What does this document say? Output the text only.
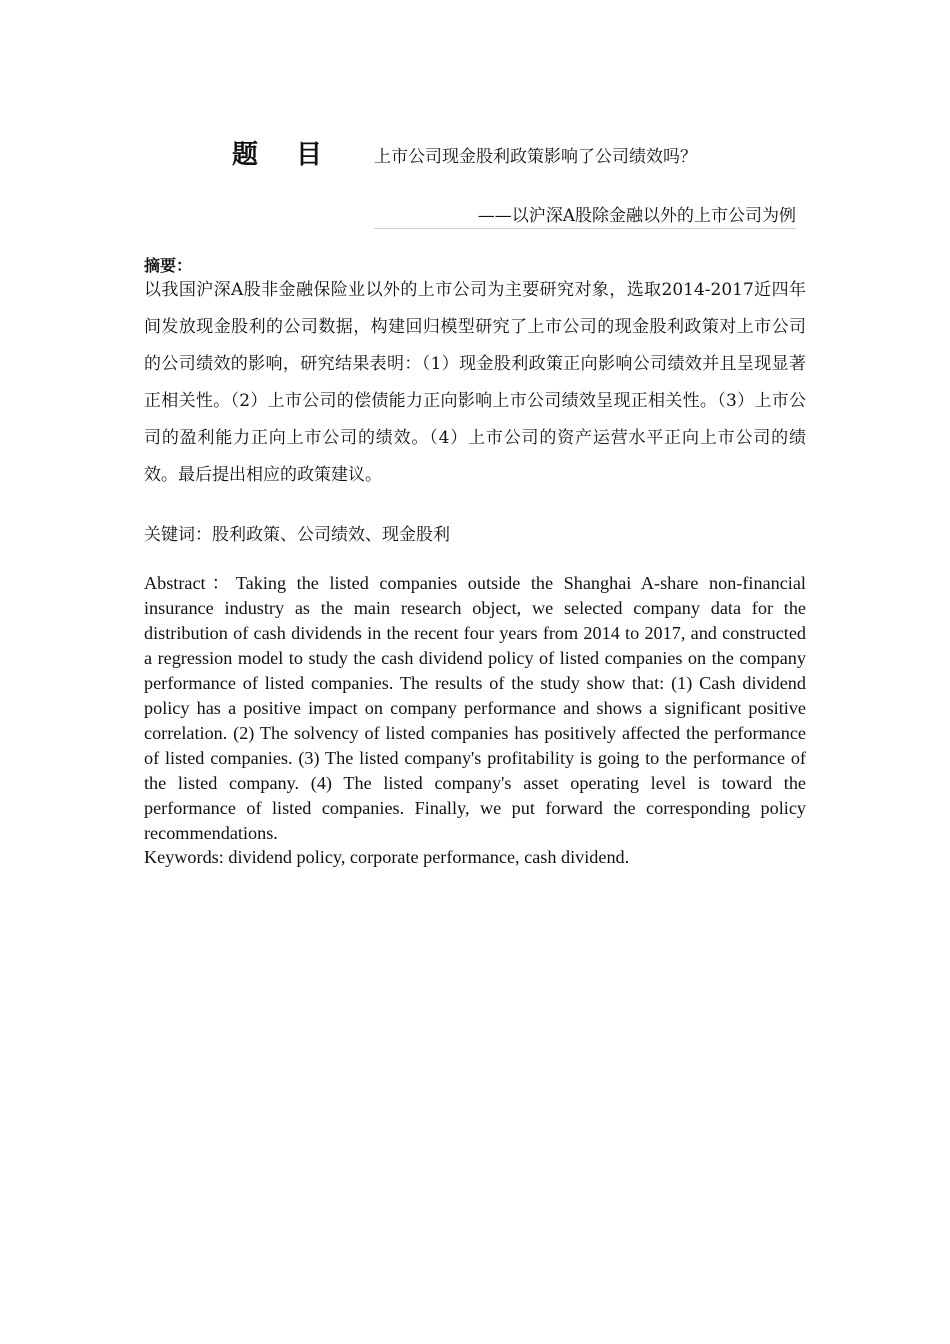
题目 上市公司现金股利政策影响了公司绩效吗？
——以沪深A股除金融以外的上市公司为例
摘要：

以我国沪深A股非金融保险业以外的上市公司为主要研究对象，选取2014-2017近四年间发放现金股利的公司数据，构建回归模型研究了上市公司的现金股利政策对上市公司的公司绩效的影响，研究结果表明：（1）现金股利政策正向影响公司绩效并且呈现显著正相关性。（2）上市公司的偿债能力正向影响上市公司绩效呈现正相关性。（3）上市公司的盈利能力正向上市公司的绩效。（4）上市公司的资产运营水平正向上市公司的绩效。最后提出相应的政策建议。

关键词：股利政策、公司绩效、现金股利

Abstract：Taking the listed companies outside the Shanghai A-share non-financial insurance industry as the main research object, we selected company data for the distribution of cash dividends in the recent four years from 2014 to 2017, and constructed a regression model to study the cash dividend policy of listed companies on the company performance of listed companies. The results of the study show that: (1) Cash dividend policy has a positive impact on company performance and shows a significant positive correlation. (2) The solvency of listed companies has positively affected the performance of listed companies. (3) The listed company's profitability is going to the performance of the listed company. (4) The listed company's asset operating level is toward the performance of listed companies. Finally, we put forward the corresponding policy recommendations.

Keywords: dividend policy, corporate performance, cash dividend.
